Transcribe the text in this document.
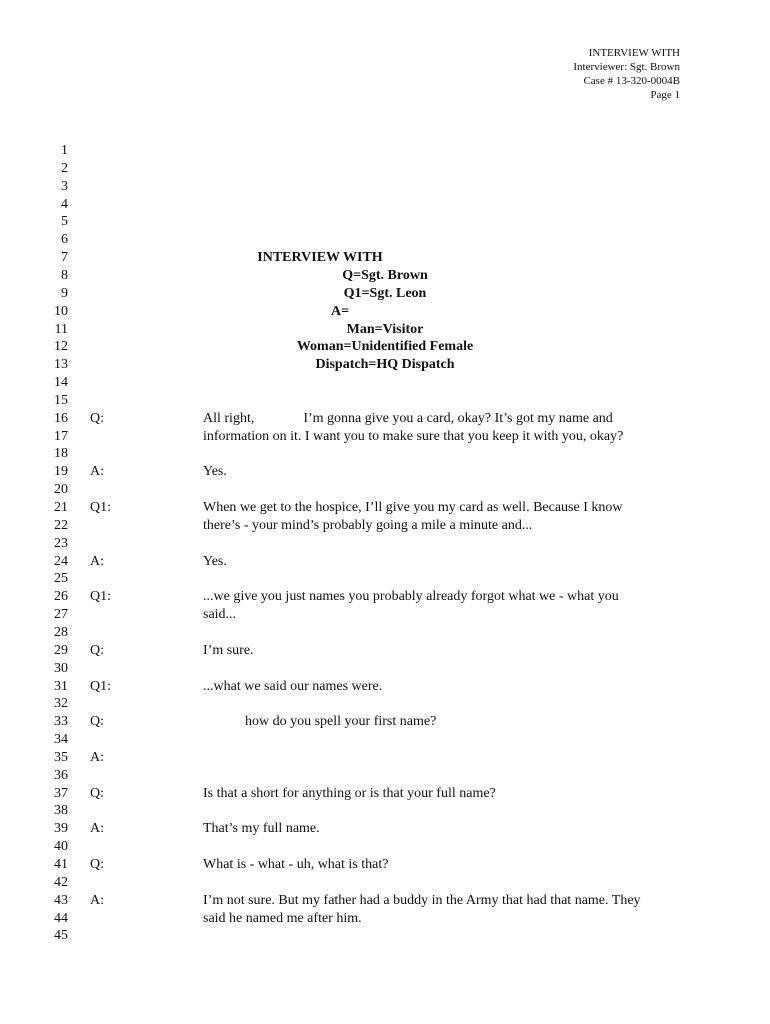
INTERVIEW WITH
Interviewer: Sgt. Brown
Case # 13-320-0004B
Page 1
1
2
3
4
5
6
7	INTERVIEW WITH
8	Q=Sgt. Brown
9	Q1=Sgt. Leon
10	A=
11	Man=Visitor
12	Woman=Unidentified Female
13	Dispatch=HQ Dispatch
14
15
16 Q:	All right,              I’m gonna give you a card, okay? It’s got my name and
17	information on it. I want you to make sure that you keep it with you, okay?
18
19 A:	Yes.
20
21 Q1:	When we get to the hospice, I’ll give you my card as well. Because I know
22	there’s - your mind’s probably going a mile a minute and...
23
24 A:	Yes.
25
26 Q1:	...we give you just names you probably already forgot what we - what you
27	said...
28
29 Q:	I’m sure.
30
31 Q1:	...what we said our names were.
32
33 Q:	how do you spell your first name?
34
35 A:
36
37 Q:	Is that a short for anything or is that your full name?
38
39 A:	That’s my full name.
40
41 Q:	What is - what - uh, what is that?
42
43 A:	I’m not sure. But my father had a buddy in the Army that had that name. They
44	said he named me after him.
45
